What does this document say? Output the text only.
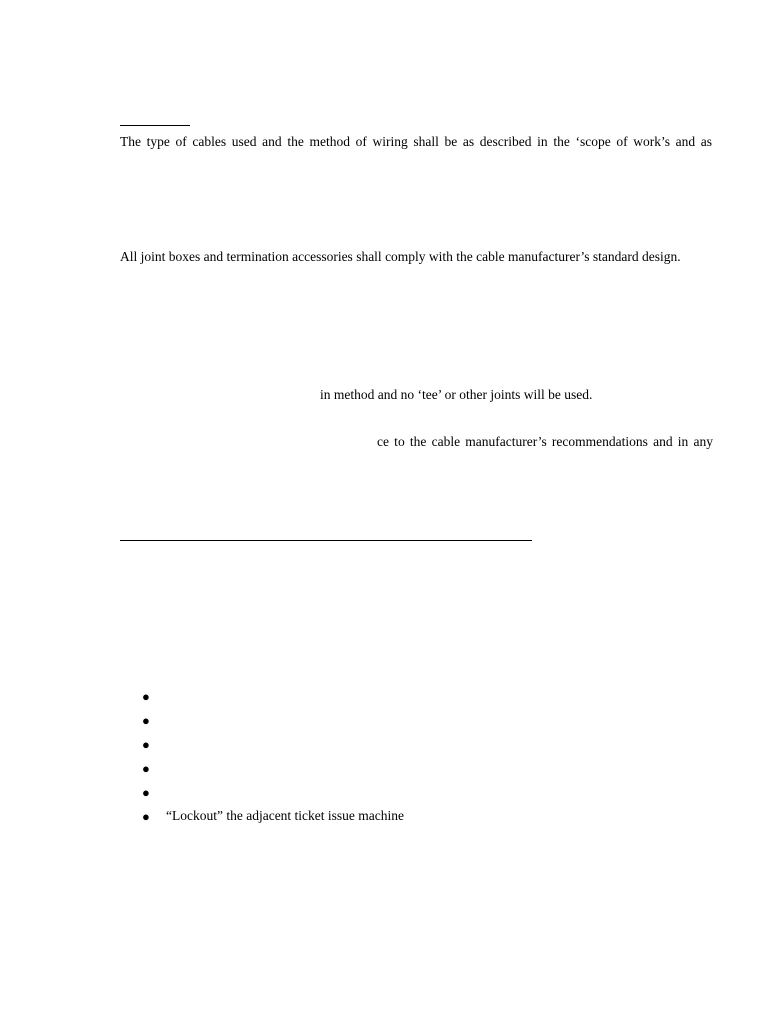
The type of cables used and the method of wiring shall be as described in the ‘scope of work’s and as
All joint boxes and termination accessories shall comply with the cable manufacturer’s standard design.
in method and no ‘tee’ or other joints will be used.
ce to the cable manufacturer’s recommendations and in any
●
●
●
●
●
● “Lockout” the adjacent ticket issue machine
